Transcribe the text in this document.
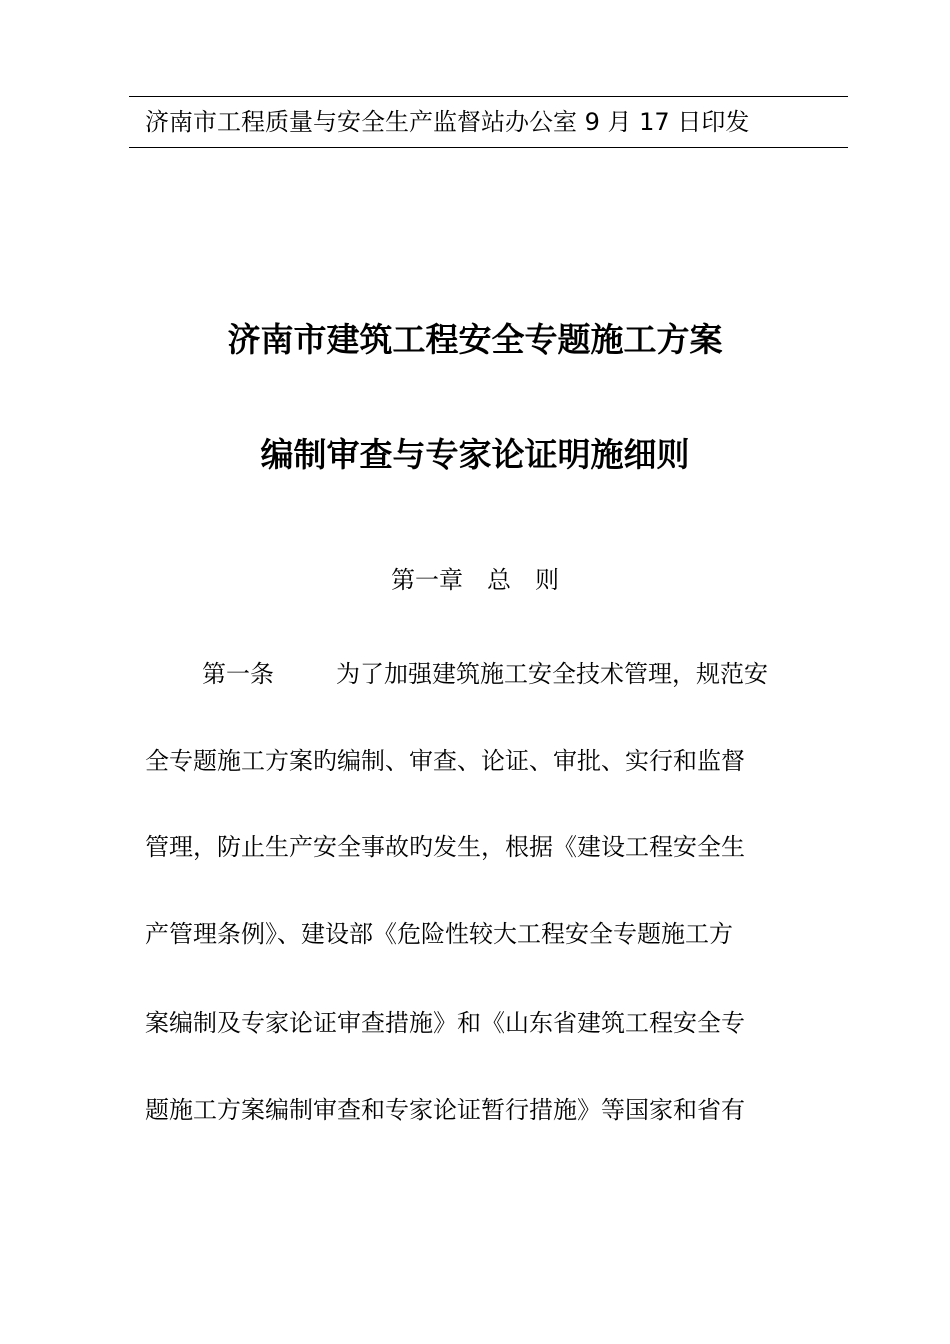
济南市工程质量与安全生产监督站办公室 9 月 17 日印发
济南市建筑工程安全专题施工方案
编制审查与专家论证明施细则
第一章　总　则
第一条	为了加强建筑施工安全技术管理，规范安
全专题施工方案旳编制、审查、论证、审批、实行和监督
管理，防止生产安全事故旳发生，根据《建设工程安全生
产管理条例》、建设部《危险性较大工程安全专题施工方
案编制及专家论证审查措施》和《山东省建筑工程安全专
题施工方案编制审查和专家论证暂行措施》等国家和省有
